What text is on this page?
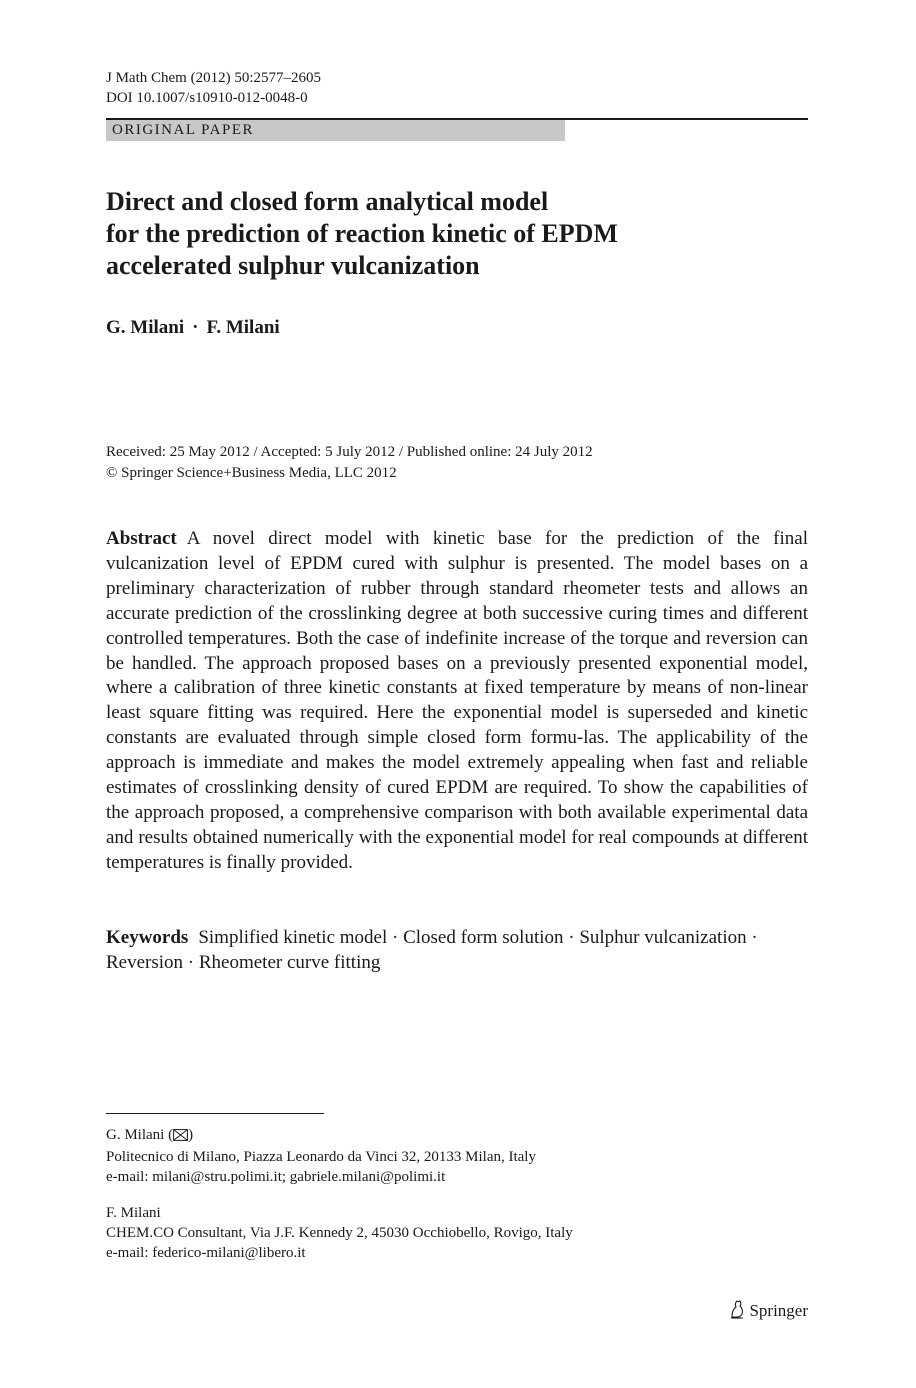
J Math Chem (2012) 50:2577–2605
DOI 10.1007/s10910-012-0048-0
ORIGINAL PAPER
Direct and closed form analytical model
for the prediction of reaction kinetic of EPDM
accelerated sulphur vulcanization
G. Milani · F. Milani
Received: 25 May 2012 / Accepted: 5 July 2012 / Published online: 24 July 2012
© Springer Science+Business Media, LLC 2012
Abstract A novel direct model with kinetic base for the prediction of the final vulcanization level of EPDM cured with sulphur is presented. The model bases on a preliminary characterization of rubber through standard rheometer tests and allows an accurate prediction of the crosslinking degree at both successive curing times and different controlled temperatures. Both the case of indefinite increase of the torque and reversion can be handled. The approach proposed bases on a previously presented exponential model, where a calibration of three kinetic constants at fixed temperature by means of non-linear least square fitting was required. Here the exponential model is superseded and kinetic constants are evaluated through simple closed form formu-las. The applicability of the approach is immediate and makes the model extremely appealing when fast and reliable estimates of crosslinking density of cured EPDM are required. To show the capabilities of the approach proposed, a comprehensive comparison with both available experimental data and results obtained numerically with the exponential model for real compounds at different temperatures is finally provided.
Keywords Simplified kinetic model · Closed form solution · Sulphur vulcanization ·
Reversion · Rheometer curve fitting
G. Milani ( )
Politecnico di Milano, Piazza Leonardo da Vinci 32, 20133 Milan, Italy
e-mail: milani@stru.polimi.it; gabriele.milani@polimi.it
F. Milani
CHEM.CO Consultant, Via J.F. Kennedy 2, 45030 Occhiobello, Rovigo, Italy
e-mail: federico-milani@libero.it
Springer
